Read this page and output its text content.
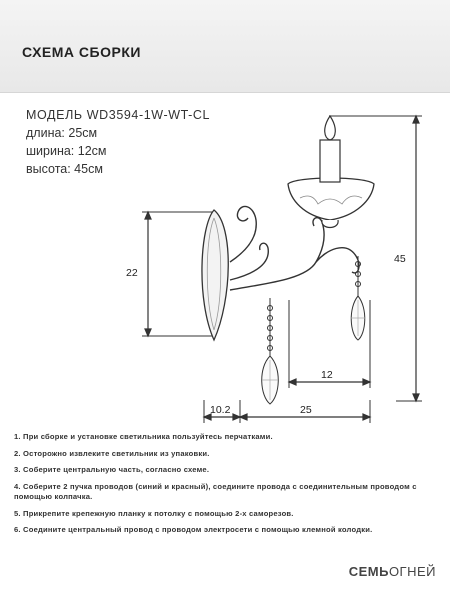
СХЕМА СБОРКИ
МОДЕЛЬ WD3594-1W-WT-CL
длина: 25см
ширина: 12см
высота: 45см
45
22
12
10.2	25
1. При сборке и установке светильника пользуйтесь перчатками.
2. Осторожно извлеките светильник из упаковки.
3. Соберите центральную часть, согласно схеме.
4. Соберите 2 пучка проводов (синий и красный), соедините провода с соединительным проводом с помощью колпачка.
5. Прикрепите крепежную планку к потолку с помощью 2-х саморезов.
6. Соедините центральный провод с проводом электросети с помощью клемной колодки.
СЕМЬОГНЕЙ
